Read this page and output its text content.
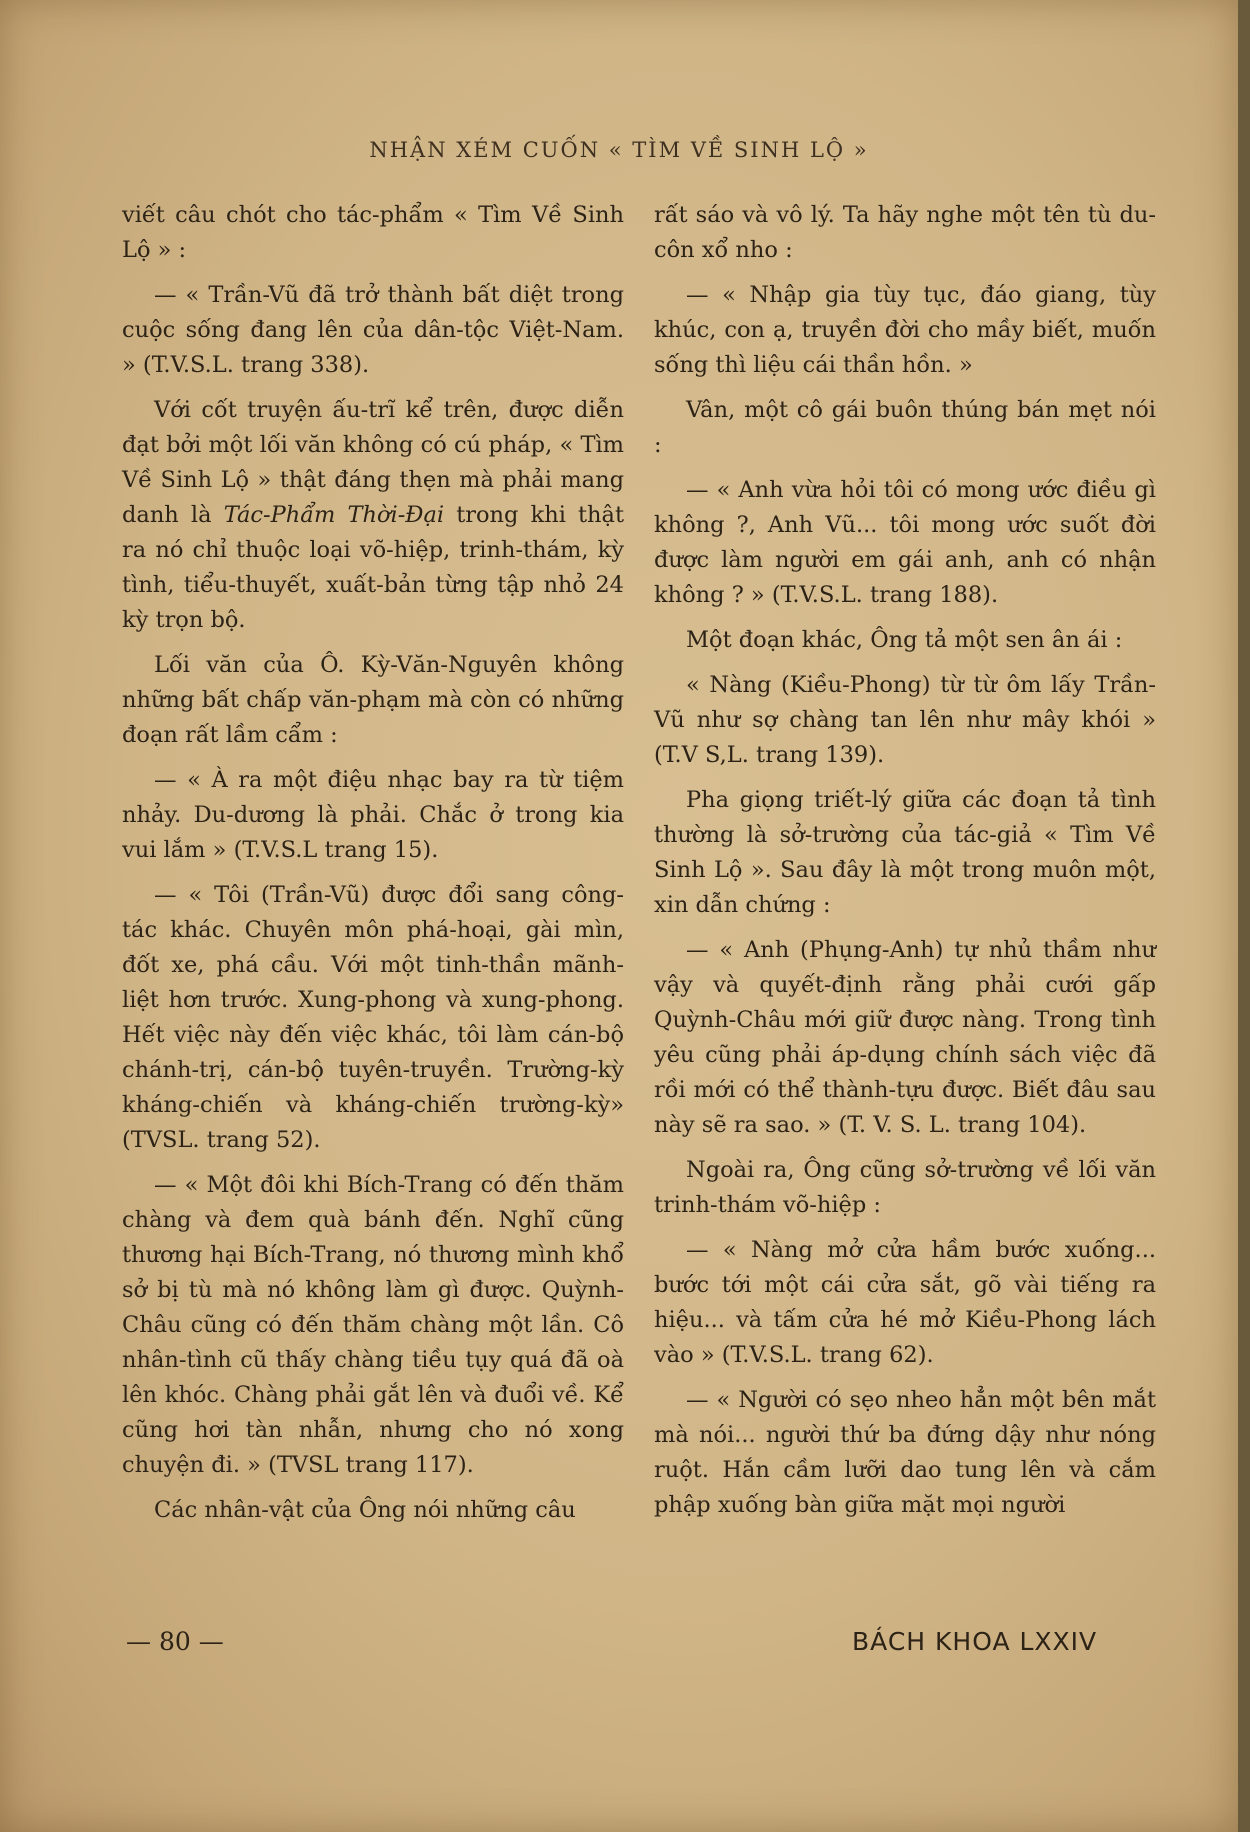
NHẬN XÉM CUỐN « TÌM VỀ SINH LỘ »

viết câu chót cho tác-phẩm « Tìm Về Sinh Lộ » :

— « Trần-Vũ đã trở thành bất diệt trong cuộc sống đang lên của dân-tộc Việt-Nam. » (T.V.S.L. trang 338).

Với cốt truyện ấu-trĩ kể trên, được diễn đạt bởi một lối văn không có cú pháp, « Tìm Về Sinh Lộ » thật đáng thẹn mà phải mang danh là Tác-Phẩm Thời-Đại trong khi thật ra nó chỉ thuộc loại võ-hiệp, trinh-thám, kỳ tình, tiểu-thuyết, xuất-bản từng tập nhỏ 24 kỳ trọn bộ.

Lối văn của Ô. Kỳ-Văn-Nguyên không những bất chấp văn-phạm mà còn có những đoạn rất lầm cẩm :

— « À ra một điệu nhạc bay ra từ tiệm nhảy. Du-dương là phải. Chắc ở trong kia vui lắm » (T.V.S.L trang 15).

— « Tôi (Trần-Vũ) được đổi sang công-tác khác. Chuyên môn phá-hoại, gài mìn, đốt xe, phá cầu. Với một tinh-thần mãnh-liệt hơn trước. Xung-phong và xung-phong. Hết việc này đến việc khác, tôi làm cán-bộ chánh-trị, cán-bộ tuyên-truyền. Trường-kỳ kháng-chiến và kháng-chiến trường-kỳ» (TVSL. trang 52).

— « Một đôi khi Bích-Trang có đến thăm chàng và đem quà bánh đến. Nghĩ cũng thương hại Bích-Trang, nó thương mình khổ sở bị tù mà nó không làm gì được. Quỳnh-Châu cũng có đến thăm chàng một lần. Cô nhân-tình cũ thấy chàng tiều tụy quá đã oà lên khóc. Chàng phải gắt lên và đuổi về. Kể cũng hơi tàn nhẫn, nhưng cho nó xong chuyện đi. » (TVSL trang 117).

Các nhân-vật của Ông nói những câu

rất sáo và vô lý. Ta hãy nghe một tên tù du-côn xổ nho :

— « Nhập gia tùy tục, đáo giang, tùy khúc, con ạ, truyền đời cho mầy biết, muốn sống thì liệu cái thần hồn. »

Vân, một cô gái buôn thúng bán mẹt nói :

— « Anh vừa hỏi tôi có mong ước điều gì không ?, Anh Vũ... tôi mong ước suốt đời được làm người em gái anh, anh có nhận không ? » (T.V.S.L. trang 188).

Một đoạn khác, Ông tả một sen ân ái :

« Nàng (Kiều-Phong) từ từ ôm lấy Trần-Vũ như sợ chàng tan lên như mây khói » (T.V S,L. trang 139).

Pha giọng triết-lý giữa các đoạn tả tình thường là sở-trường của tác-giả « Tìm Về Sinh Lộ ». Sau đây là một trong muôn một, xin dẫn chứng :

— « Anh (Phụng-Anh) tự nhủ thầm như vậy và quyết-định rằng phải cưới gấp Quỳnh-Châu mới giữ được nàng. Trong tình yêu cũng phải áp-dụng chính sách việc đã rồi mới có thể thành-tựu được. Biết đâu sau này sẽ ra sao. » (T. V. S. L. trang 104).

Ngoài ra, Ông cũng sở-trường về lối văn trinh-thám võ-hiệp :

— « Nàng mở cửa hầm bước xuống... bước tới một cái cửa sắt, gõ vài tiếng ra hiệu... và tấm cửa hé mở Kiều-Phong lách vào » (T.V.S.L. trang 62).

— « Người có sẹo nheo hẳn một bên mắt mà nói... người thứ ba đứng dậy như nóng ruột. Hắn cầm lưỡi dao tung lên và cắm phập xuống bàn giữa mặt mọi người

— 80 —	BÁCH KHOA LXXIV
